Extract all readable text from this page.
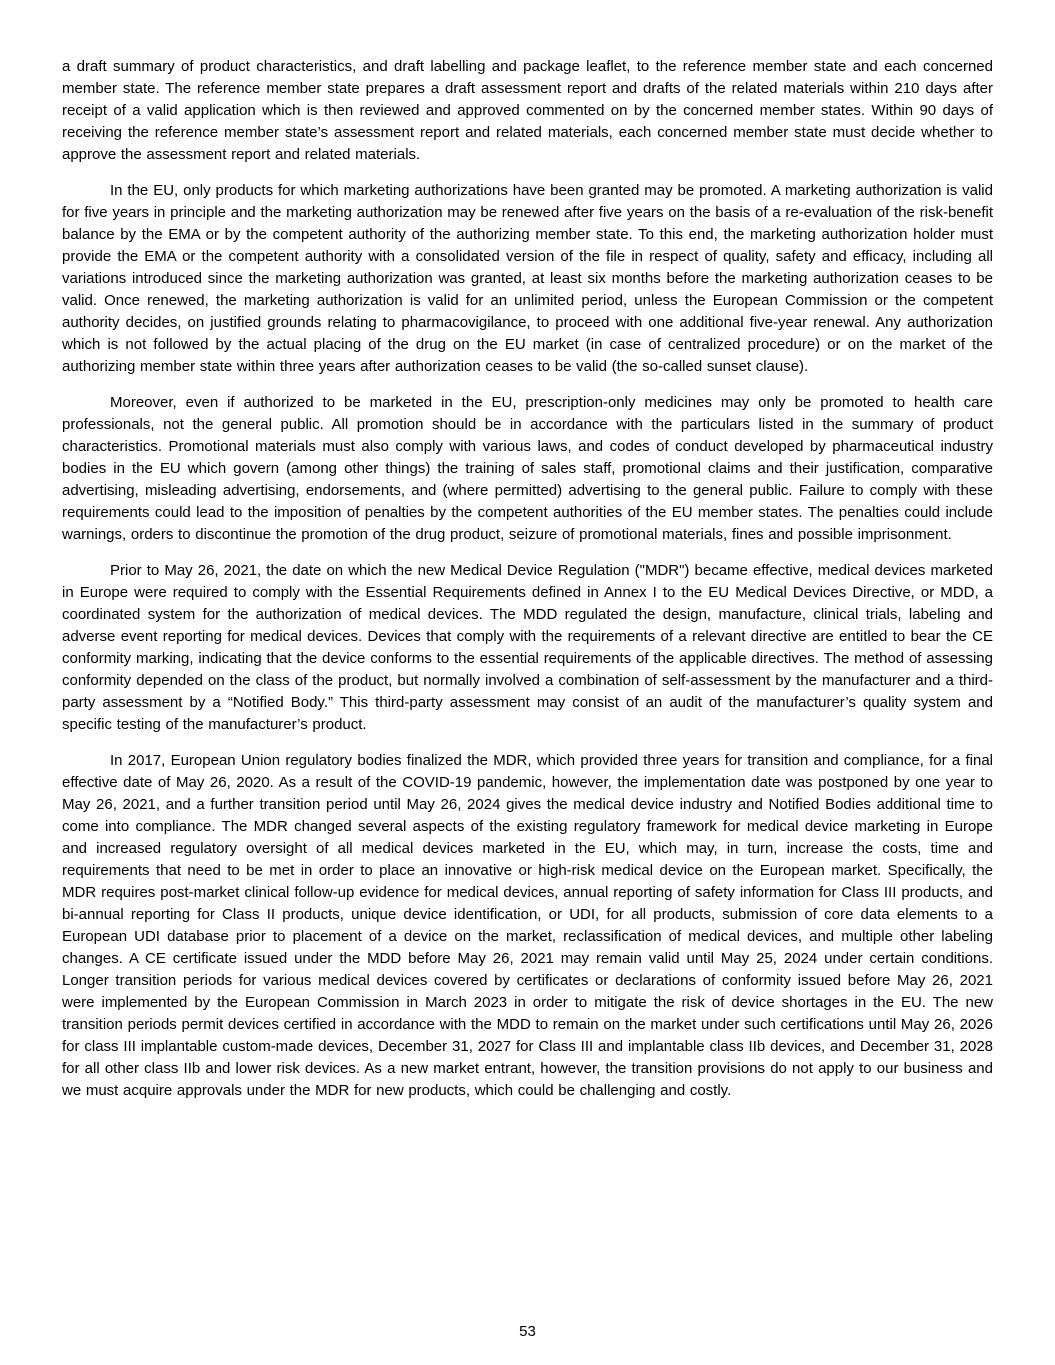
a draft summary of product characteristics, and draft labelling and package leaflet, to the reference member state and each concerned member state. The reference member state prepares a draft assessment report and drafts of the related materials within 210 days after receipt of a valid application which is then reviewed and approved commented on by the concerned member states. Within 90 days of receiving the reference member state’s assessment report and related materials, each concerned member state must decide whether to approve the assessment report and related materials.

In the EU, only products for which marketing authorizations have been granted may be promoted. A marketing authorization is valid for five years in principle and the marketing authorization may be renewed after five years on the basis of a re-evaluation of the risk-benefit balance by the EMA or by the competent authority of the authorizing member state. To this end, the marketing authorization holder must provide the EMA or the competent authority with a consolidated version of the file in respect of quality, safety and efficacy, including all variations introduced since the marketing authorization was granted, at least six months before the marketing authorization ceases to be valid. Once renewed, the marketing authorization is valid for an unlimited period, unless the European Commission or the competent authority decides, on justified grounds relating to pharmacovigilance, to proceed with one additional five-year renewal. Any authorization which is not followed by the actual placing of the drug on the EU market (in case of centralized procedure) or on the market of the authorizing member state within three years after authorization ceases to be valid (the so-called sunset clause).

Moreover, even if authorized to be marketed in the EU, prescription-only medicines may only be promoted to health care professionals, not the general public. All promotion should be in accordance with the particulars listed in the summary of product characteristics. Promotional materials must also comply with various laws, and codes of conduct developed by pharmaceutical industry bodies in the EU which govern (among other things) the training of sales staff, promotional claims and their justification, comparative advertising, misleading advertising, endorsements, and (where permitted) advertising to the general public. Failure to comply with these requirements could lead to the imposition of penalties by the competent authorities of the EU member states. The penalties could include warnings, orders to discontinue the promotion of the drug product, seizure of promotional materials, fines and possible imprisonment.

Prior to May 26, 2021, the date on which the new Medical Device Regulation ("MDR") became effective, medical devices marketed in Europe were required to comply with the Essential Requirements defined in Annex I to the EU Medical Devices Directive, or MDD, a coordinated system for the authorization of medical devices. The MDD regulated the design, manufacture, clinical trials, labeling and adverse event reporting for medical devices. Devices that comply with the requirements of a relevant directive are entitled to bear the CE conformity marking, indicating that the device conforms to the essential requirements of the applicable directives. The method of assessing conformity depended on the class of the product, but normally involved a combination of self-assessment by the manufacturer and a third-party assessment by a “Notified Body.” This third-party assessment may consist of an audit of the manufacturer’s quality system and specific testing of the manufacturer’s product.

In 2017, European Union regulatory bodies finalized the MDR, which provided three years for transition and compliance, for a final effective date of May 26, 2020. As a result of the COVID-19 pandemic, however, the implementation date was postponed by one year to May 26, 2021, and a further transition period until May 26, 2024 gives the medical device industry and Notified Bodies additional time to come into compliance. The MDR changed several aspects of the existing regulatory framework for medical device marketing in Europe and increased regulatory oversight of all medical devices marketed in the EU, which may, in turn, increase the costs, time and requirements that need to be met in order to place an innovative or high-risk medical device on the European market. Specifically, the MDR requires post-market clinical follow-up evidence for medical devices, annual reporting of safety information for Class III products, and bi-annual reporting for Class II products, unique device identification, or UDI, for all products, submission of core data elements to a European UDI database prior to placement of a device on the market, reclassification of medical devices, and multiple other labeling changes. A CE certificate issued under the MDD before May 26, 2021 may remain valid until May 25, 2024 under certain conditions. Longer transition periods for various medical devices covered by certificates or declarations of conformity issued before May 26, 2021 were implemented by the European Commission in March 2023 in order to mitigate the risk of device shortages in the EU. The new transition periods permit devices certified in accordance with the MDD to remain on the market under such certifications until May 26, 2026 for class III implantable custom-made devices, December 31, 2027 for Class III and implantable class IIb devices, and December 31, 2028 for all other class IIb and lower risk devices. As a new market entrant, however, the transition provisions do not apply to our business and we must acquire approvals under the MDR for new products, which could be challenging and costly.

53
